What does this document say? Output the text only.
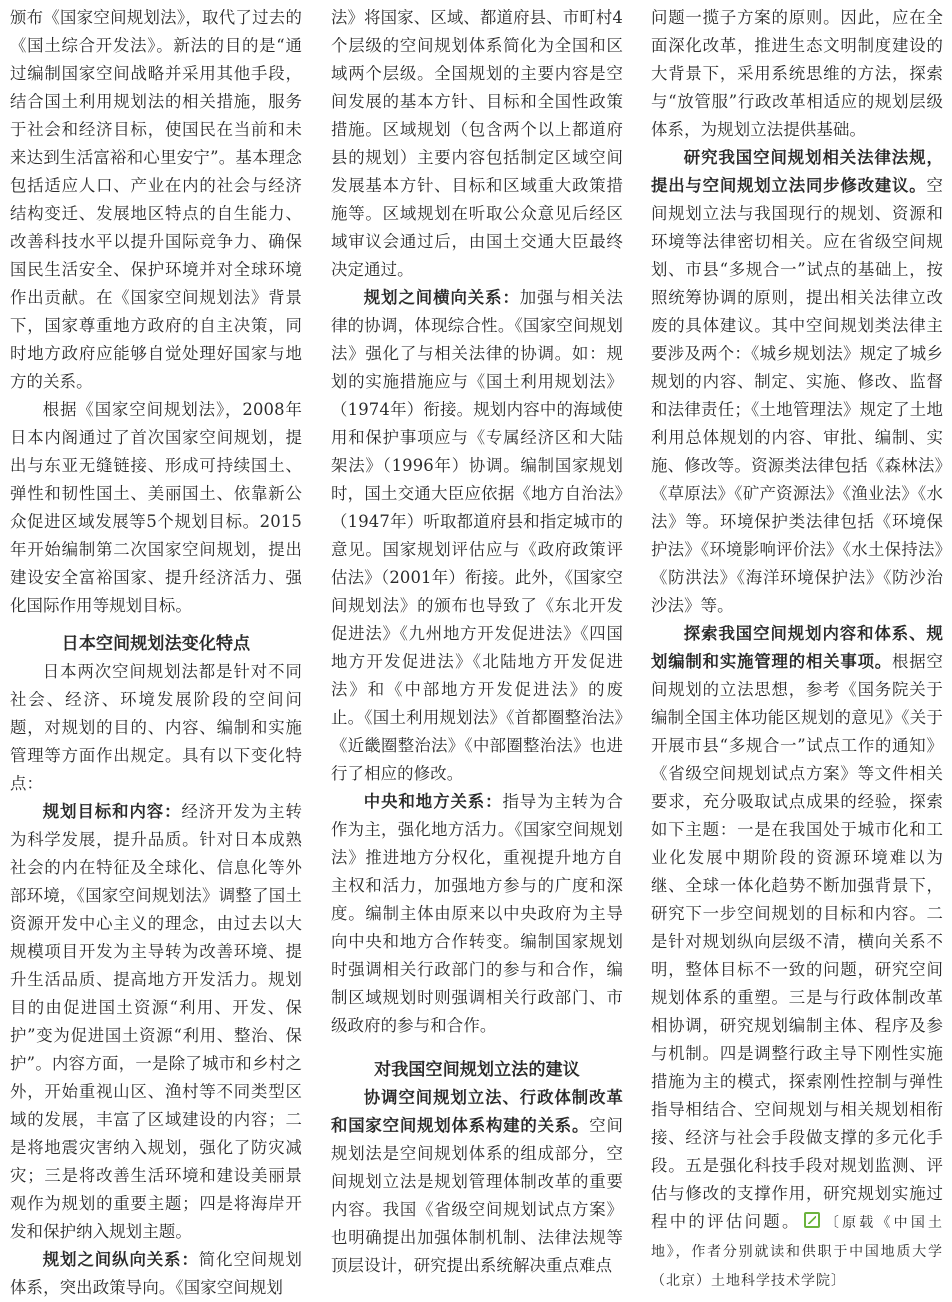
颁布《国家空间规划法》，取代了过去的《国土综合开发法》。新法的目的是“通过编制国家空间战略并采用其他手段，结合国土利用规划法的相关措施，服务于社会和经济目标，使国民在当前和未来达到生活富裕和心里安宁”。基本理念包括适应人口、产业在内的社会与经济结构变迁、发展地区特点的自生能力、改善科技水平以提升国际竞争力、确保国民生活安全、保护环境并对全球环境作出贡献。在《国家空间规划法》背景下，国家尊重地方政府的自主决策，同时地方政府应能够自觉处理好国家与地方的关系。

根据《国家空间规划法》，2008年日本内阁通过了首次国家空间规划，提出与东亚无缝链接、形成可持续国土、弹性和韧性国土、美丽国土、依靠新公众促进区域发展等5个规划目标。2015年开始编制第二次国家空间规划，提出建设安全富裕国家、提升经济活力、强化国际作用等规划目标。

日本空间规划法变化特点

日本两次空间规划法都是针对不同社会、经济、环境发展阶段的空间问题，对规划的目的、内容、编制和实施管理等方面作出规定。具有以下变化特点：

规划目标和内容：经济开发为主转为科学发展，提升品质。针对日本成熟社会的内在特征及全球化、信息化等外部环境，《国家空间规划法》调整了国土资源开发中心主义的理念，由过去以大规模项目开发为主导转为改善环境、提升生活品质、提高地方开发活力。规划目的由促进国土资源“利用、开发、保护”变为促进国土资源“利用、整治、保护”。内容方面，一是除了城市和乡村之外，开始重视山区、渔村等不同类型区域的发展，丰富了区域建设的内容；二是将地震灾害纳入规划，强化了防灾减灾；三是将改善生活环境和建设美丽景观作为规划的重要主题；四是将海岸开发和保护纳入规划主题。

规划之间纵向关系：简化空间规划体系，突出政策导向。《国家空间规划

法》将国家、区域、都道府县、市町村4个层级的空间规划体系简化为全国和区域两个层级。全国规划的主要内容是空间发展的基本方针、目标和全国性政策措施。区域规划（包含两个以上都道府县的规划）主要内容包括制定区域空间发展基本方针、目标和区域重大政策措施等。区域规划在听取公众意见后经区域审议会通过后，由国土交通大臣最终决定通过。

规划之间横向关系：加强与相关法律的协调，体现综合性。《国家空间规划法》强化了与相关法律的协调。如：规划的实施措施应与《国土利用规划法》（1974年）衔接。规划内容中的海域使用和保护事项应与《专属经济区和大陆架法》（1996年）协调。编制国家规划时，国土交通大臣应依据《地方自治法》（1947年）听取都道府县和指定城市的意见。国家规划评估应与《政府政策评估法》（2001年）衔接。此外，《国家空间规划法》的颁布也导致了《东北开发促进法》《九州地方开发促进法》《四国地方开发促进法》《北陆地方开发促进法》和《中部地方开发促进法》的废止。《国土利用规划法》《首都圈整治法》《近畿圈整治法》《中部圈整治法》也进行了相应的修改。

中央和地方关系：指导为主转为合作为主，强化地方活力。《国家空间规划法》推进地方分权化，重视提升地方自主权和活力，加强地方参与的广度和深度。编制主体由原来以中央政府为主导向中央和地方合作转变。编制国家规划时强调相关行政部门的参与和合作，编制区域规划时则强调相关行政部门、市级政府的参与和合作。

对我国空间规划立法的建议

协调空间规划立法、行政体制改革和国家空间规划体系构建的关系。空间规划法是空间规划体系的组成部分，空间规划立法是规划管理体制改革的重要内容。我国《省级空间规划试点方案》也明确提出加强体制机制、法律法规等顶层设计，研究提出系统解决重点难点

问题一揽子方案的原则。因此，应在全面深化改革，推进生态文明制度建设的大背景下，采用系统思维的方法，探索与“放管服”行政改革相适应的规划层级体系，为规划立法提供基础。

研究我国空间规划相关法律法规，提出与空间规划立法同步修改建议。空间规划立法与我国现行的规划、资源和环境等法律密切相关。应在省级空间规划、市县“多规合一”试点的基础上，按照统筹协调的原则，提出相关法律立改废的具体建议。其中空间规划类法律主要涉及两个：《城乡规划法》规定了城乡规划的内容、制定、实施、修改、监督和法律责任；《土地管理法》规定了土地利用总体规划的内容、审批、编制、实施、修改等。资源类法律包括《森林法》《草原法》《矿产资源法》《渔业法》《水法》等。环境保护类法律包括《环境保护法》《环境影响评价法》《水土保持法》《防洪法》《海洋环境保护法》《防沙治沙法》等。

探索我国空间规划内容和体系、规划编制和实施管理的相关事项。根据空间规划的立法思想，参考《国务院关于编制全国主体功能区规划的意见》《关于开展市县“多规合一”试点工作的通知》《省级空间规划试点方案》等文件相关要求，充分吸取试点成果的经验，探索如下主题：一是在我国处于城市化和工业化发展中期阶段的资源环境难以为继、全球一体化趋势不断加强背景下，研究下一步空间规划的目标和内容。二是针对规划纵向层级不清，横向关系不明，整体目标不一致的问题，研究空间规划体系的重塑。三是与行政体制改革相协调，研究规划编制主体、程序及参与机制。四是调整行政主导下刚性实施措施为主的模式，探索刚性控制与弹性指导相结合、空间规划与相关规划相衔接、经济与社会手段做支撑的多元化手段。五是强化科技手段对规划监测、评估与修改的支撑作用，研究规划实施过程中的评估问题。 〔原载《中国土地》，作者分别就读和供职于中国地质大学（北京）土地科学技术学院〕
